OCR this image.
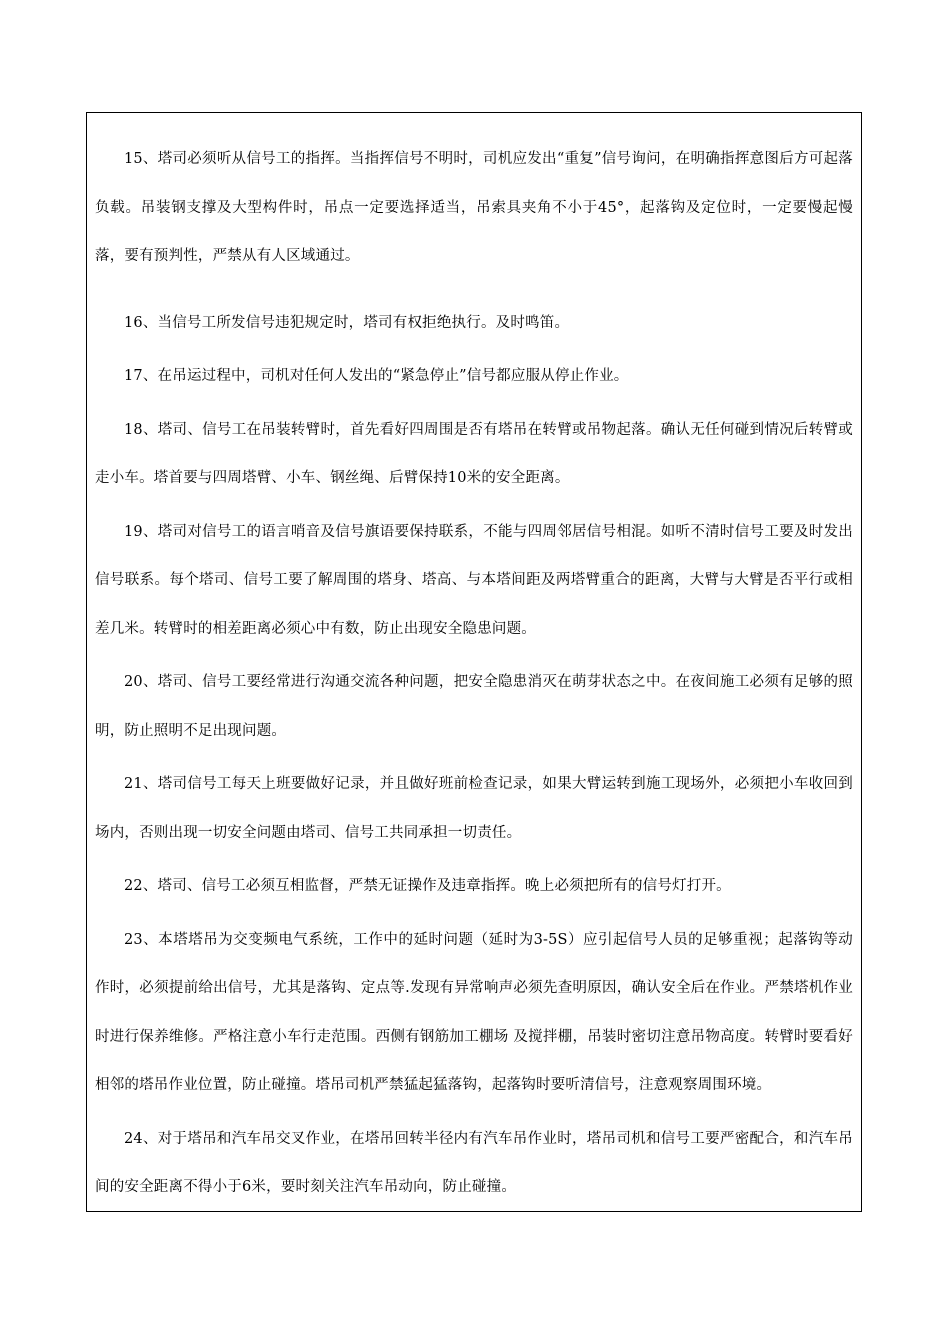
15、塔司必须听从信号工的指挥。当指挥信号不明时，司机应发出“重复”信号询问，在明确指挥意图后方可起落负载。吊装钢支撑及大型构件时，吊点一定要选择适当，吊索具夹角不小于45°，起落钩及定位时，一定要慢起慢落，要有预判性，严禁从有人区域通过。

16、当信号工所发信号违犯规定时，塔司有权拒绝执行。及时鸣笛。

17、在吊运过程中，司机对任何人发出的“紧急停止”信号都应服从停止作业。

18、塔司、信号工在吊装转臂时，首先看好四周围是否有塔吊在转臂或吊物起落。确认无任何碰到情况后转臂或走小车。塔首要与四周塔臂、小车、钢丝绳、后臂保持10米的安全距离。

19、塔司对信号工的语言哨音及信号旗语要保持联系，不能与四周邻居信号相混。如听不清时信号工要及时发出信号联系。每个塔司、信号工要了解周围的塔身、塔高、与本塔间距及两塔臂重合的距离，大臂与大臂是否平行或相差几米。转臂时的相差距离必须心中有数，防止出现安全隐患问题。

20、塔司、信号工要经常进行沟通交流各种问题，把安全隐患消灭在萌芽状态之中。在夜间施工必须有足够的照明，防止照明不足出现问题。

21、塔司信号工每天上班要做好记录，并且做好班前检查记录，如果大臂运转到施工现场外，必须把小车收回到场内，否则出现一切安全问题由塔司、信号工共同承担一切责任。

22、塔司、信号工必须互相监督，严禁无证操作及违章指挥。晚上必须把所有的信号灯打开。

23、本塔塔吊为交变频电气系统，工作中的延时问题（延时为3-5S）应引起信号人员的足够重视；起落钩等动作时，必须提前给出信号，尤其是落钩、定点等.发现有异常响声必须先查明原因，确认安全后在作业。严禁塔机作业时进行保养维修。严格注意小车行走范围。西侧有钢筋加工棚场 及搅拌棚，吊装时密切注意吊物高度。转臂时要看好相邻的塔吊作业位置，防止碰撞。塔吊司机严禁猛起猛落钩，起落钩时要听清信号，注意观察周围环境。

24、对于塔吊和汽车吊交叉作业，在塔吊回转半径内有汽车吊作业时，塔吊司机和信号工要严密配合，和汽车吊间的安全距离不得小于6米，要时刻关注汽车吊动向，防止碰撞。
